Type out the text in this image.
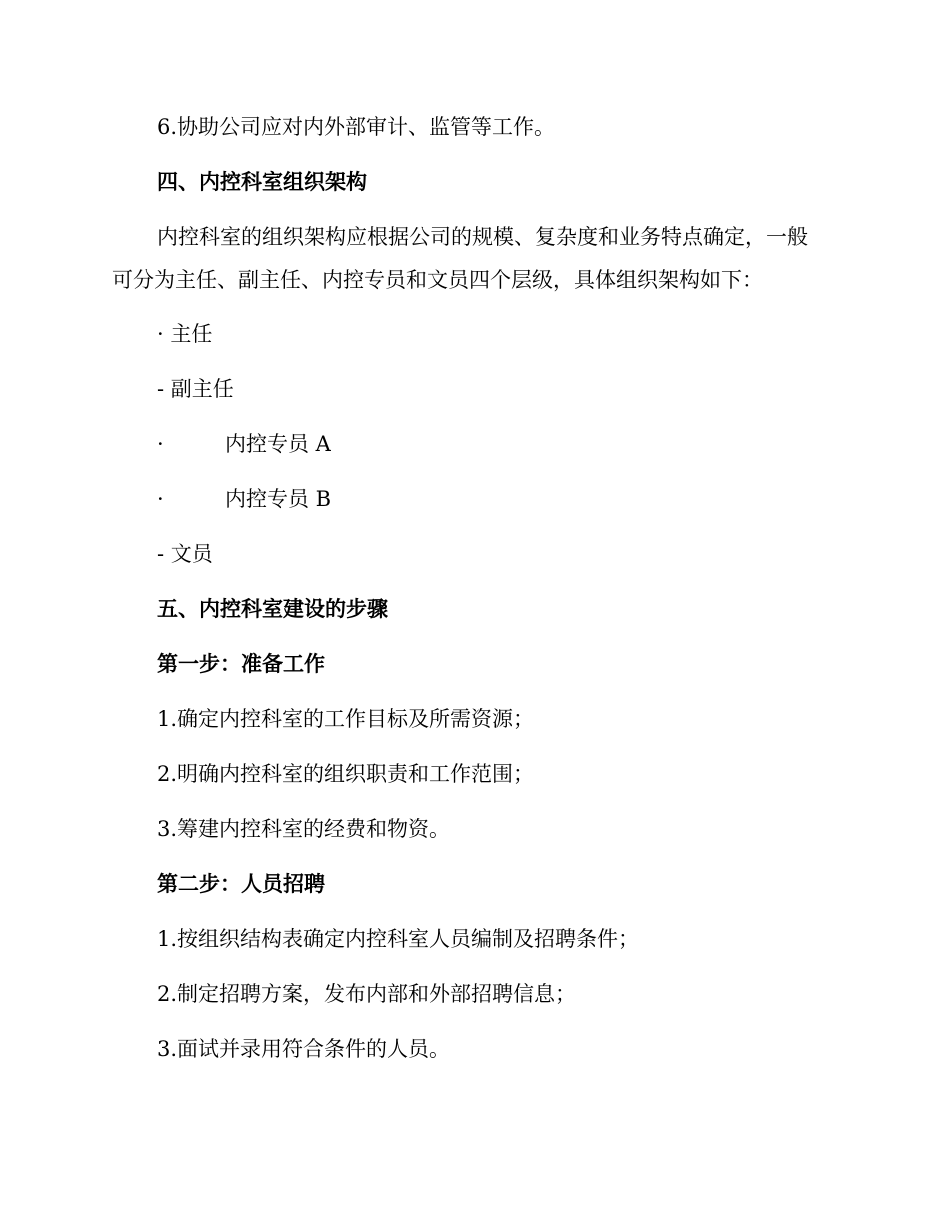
6.协助公司应对内外部审计、监管等工作。
四、内控科室组织架构
内控科室的组织架构应根据公司的规模、复杂度和业务特点确定，一般
可分为主任、副主任、内控专员和文员四个层级，具体组织架构如下：
· 主任
- 副主任
·	内控专员 A
·	内控专员 B
- 文员
五、内控科室建设的步骤
第一步：准备工作
1.确定内控科室的工作目标及所需资源；
2.明确内控科室的组织职责和工作范围；
3.筹建内控科室的经费和物资。
第二步：人员招聘
1.按组织结构表确定内控科室人员编制及招聘条件；
2.制定招聘方案，发布内部和外部招聘信息；
3.面试并录用符合条件的人员。
